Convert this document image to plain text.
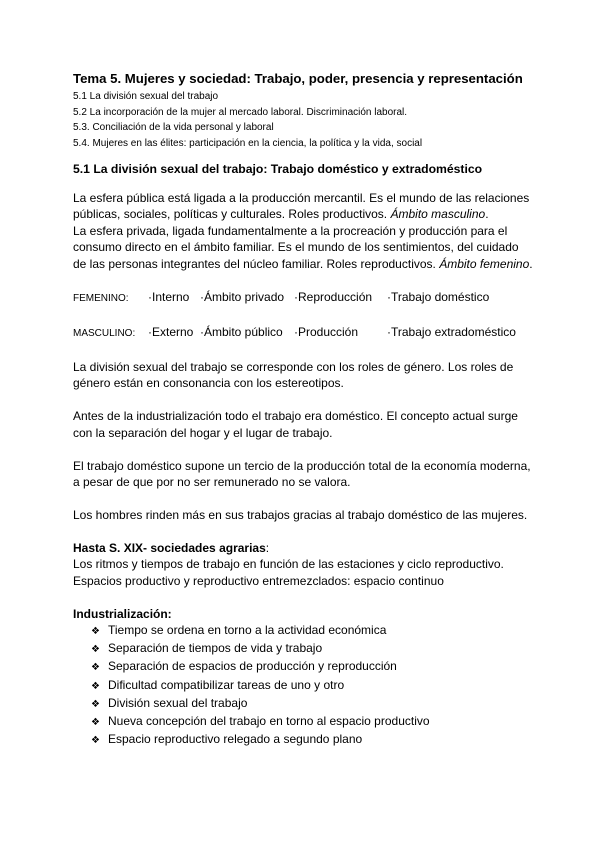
Tema 5. Mujeres y sociedad: Trabajo, poder, presencia y representación
5.1 La división sexual del trabajo
5.2 La incorporación de la mujer al mercado laboral. Discriminación laboral.
5.3. Conciliación de la vida personal y laboral
5.4. Mujeres en las élites: participación en la ciencia, la política y la vida, social
5.1 La división sexual del trabajo: Trabajo doméstico y extradoméstico
La esfera pública está ligada a la producción mercantil. Es el mundo de las relaciones públicas, sociales, políticas y culturales. Roles productivos. Ámbito masculino.
La esfera privada, ligada fundamentalmente a la procreación y producción para el consumo directo en el ámbito familiar. Es el mundo de los sentimientos, del cuidado de las personas integrantes del núcleo familiar. Roles reproductivos. Ámbito femenino.
FEMENINO:	·Interno ·Ámbito privado ·Reproducción	·Trabajo doméstico
MASCULINO:	·Externo ·Ámbito público ·Producción	·Trabajo extradoméstico
La división sexual del trabajo se corresponde con los roles de género. Los roles de género están en consonancia con los estereotipos.
Antes de la industrialización todo el trabajo era doméstico. El concepto actual surge con la separación del hogar y el lugar de trabajo.
El trabajo doméstico supone un tercio de la producción total de la economía moderna, a pesar de que por no ser remunerado no se valora.
Los hombres rinden más en sus trabajos gracias al trabajo doméstico de las mujeres.
Hasta S. XIX- sociedades agrarias:
Los ritmos y tiempos de trabajo en función de las estaciones y ciclo reproductivo.
Espacios productivo y reproductivo entremezclados: espacio continuo
Industrialización:
❖ Tiempo se ordena en torno a la actividad económica
❖ Separación de tiempos de vida y trabajo
❖ Separación de espacios de producción y reproducción
❖ Dificultad compatibilizar tareas de uno y otro
❖ División sexual del trabajo
❖ Nueva concepción del trabajo en torno al espacio productivo
❖ Espacio reproductivo relegado a segundo plano
